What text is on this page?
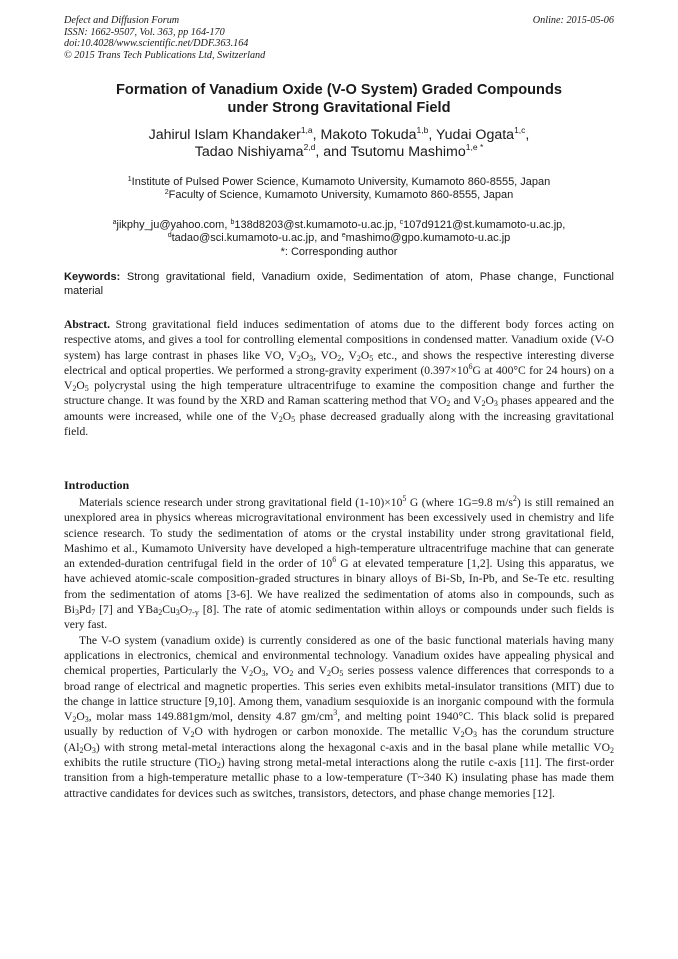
Defect and Diffusion Forum
ISSN: 1662-9507, Vol. 363, pp 164-170
doi:10.4028/www.scientific.net/DDF.363.164
© 2015 Trans Tech Publications Ltd, Switzerland
Online: 2015-05-06
Formation of Vanadium Oxide (V-O System) Graded Compounds
under Strong Gravitational Field
Jahirul Islam Khandaker$^{1,a}$, Makoto Tokuda$^{1,b}$, Yudai Ogata$^{1,c}$,
Tadao Nishiyama$^{2,d}$, and Tsutomu Mashimo$^{1,e *}$
$^1$Institute of Pulsed Power Science, Kumamoto University, Kumamoto 860-8555, Japan
$^2$Faculty of Science, Kumamoto University, Kumamoto 860-8555, Japan
$^a$jikphy_ju@yahoo.com, $^b$138d8203@st.kumamoto-u.ac.jp, $^c$107d9121@st.kumamoto-u.ac.jp,
$^d$tadao@sci.kumamoto-u.ac.jp, and $^e$mashimo@gpo.kumamoto-u.ac.jp
*: Corresponding author
Keywords: Strong gravitational field, Vanadium oxide, Sedimentation of atom, Phase change, Functional material
Abstract. Strong gravitational field induces sedimentation of atoms due to the different body forces acting on respective atoms, and gives a tool for controlling elemental compositions in condensed matter. Vanadium oxide (V-O system) has large contrast in phases like VO, $V_2O_3$, $VO_2$, $V_2O_5$ etc., and shows the respective interesting diverse electrical and optical properties. We performed a strong-gravity experiment ($0.397\times 10^6G$ at 400°C for 24 hours) on a $V_2O_5$ polycrystal using the high temperature ultracentrifuge to examine the composition change and further the structure change. It was found by the XRD and Raman scattering method that $VO_2$ and $V_2O_3$ phases appeared and the amounts were increased, while one of the $V_2O_5$ phase decreased gradually along with the increasing gravitational field.
Introduction

Materials science research under strong gravitational field $(1-10)\times 10^5$ G (where 1G=9.8 $m/s^2$) is still remained an unexplored area in physics whereas microgravitational environment has been excessively used in chemistry and life science research. To study the sedimentation of atoms or the crystal instability under strong gravitational field, Mashimo et al., Kumamoto University have developed a high-temperature ultracentrifuge machine that can generate an extended-duration centrifugal field in the order of $10^6$ G at elevated temperature [1,2]. Using this apparatus, we have achieved atomic-scale composition-graded structures in binary alloys of Bi-Sb, In-Pb, and Se-Te etc. resulting from the sedimentation of atoms [3-6]. We have realized the sedimentation of atoms also in compounds, such as $Bi_3Pd_7$ [7] and $YBa_2Cu_3O_{7-y}$ [8]. The rate of atomic sedimentation within alloys or compounds under such fields is very fast.

The V-O system (vanadium oxide) is currently considered as one of the basic functional materials having many applications in electronics, chemical and environmental technology. Vanadium oxides have appealing physical and chemical properties, Particularly the $V_2O_3$, $VO_2$ and $V_2O_5$ series possess valence differences that corresponds to a broad range of electrical and magnetic properties. This series even exhibits metal-insulator transitions (MIT) due to the change in lattice structure [9,10]. Among them, vanadium sesquioxide is an inorganic compound with the formula $V_2O_3$, molar mass 149.881gm/mol, density 4.87 $gm/cm^3$, and melting point 1940°C. This black solid is prepared usually by reduction of $V_2O$ with hydrogen or carbon monoxide. The metallic $V_2O_3$ has the corundum structure $(Al_2O_3)$ with strong metal-metal interactions along the hexagonal c-axis and in the basal plane while metallic $VO_2$ exhibits the rutile structure (TiO$_2$) having strong metal-metal interactions along the rutile c-axis [11]. The first-order transition from a high-temperature metallic phase to a low-temperature (T~340 K) insulating phase has made them attractive candidates for devices such as switches, transistors, detectors, and phase change memories [12].
